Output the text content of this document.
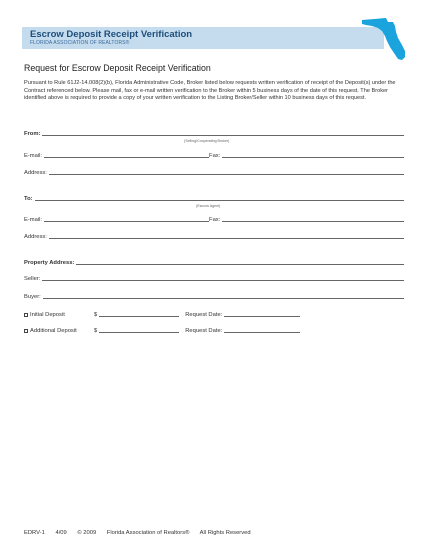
Escrow Deposit Receipt Verification
FLORIDA ASSOCIATION OF REALTORS®
Request for Escrow Deposit Receipt Verification
Pursuant to Rule 61J2-14.008(2)(b), Florida Administrative Code, Broker listed below requests written verification of receipt of the Deposit(s) under the Contract referenced below. Please mail, fax or e-mail written verification to the Broker within 5 business days of the date of this request. The Broker identified above is required to provide a copy of your written verification to the Listing Broker/Seller within 10 business days of this request.
From:
(Selling/Cooperating Broker)
E-mail:	Fax:
Address:
To:
(Escrow Agent)
E-mail:	Fax:
Address:
Property Address:
Seller:
Buyer:
Initial Deposit	$	Request Date:
Additional Deposit	$	Request Date:
EDRV-1 4/09 © 2009 Florida Association of Realtors® All Rights Reserved
